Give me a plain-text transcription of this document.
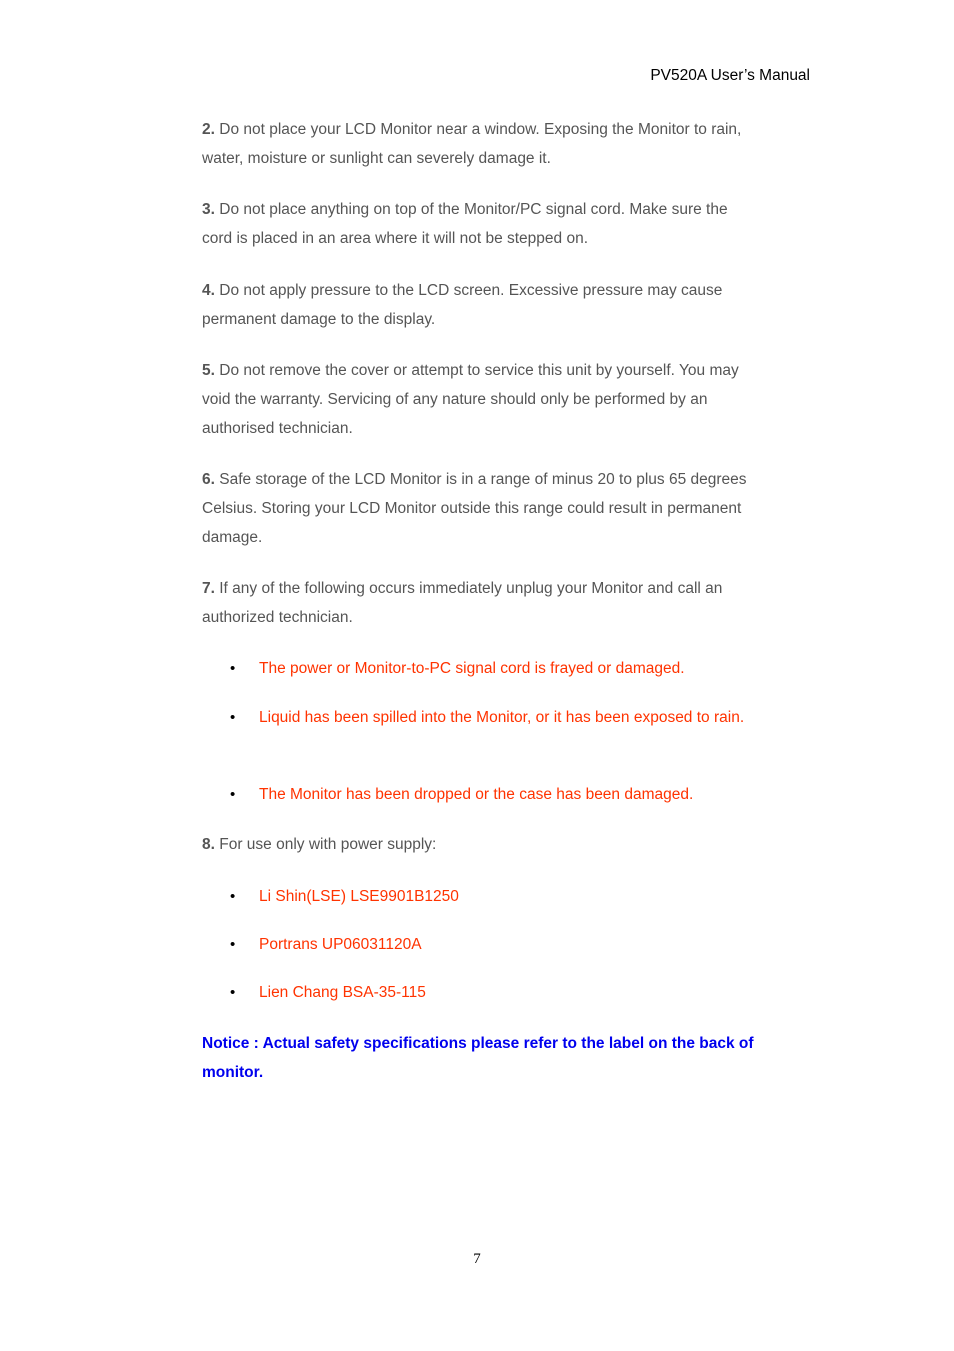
PV520A User’s Manual

2. Do not place your LCD Monitor near a window. Exposing the Monitor to rain, water, moisture or sunlight can severely damage it.

3. Do not place anything on top of the Monitor/PC signal cord. Make sure the cord is placed in an area where it will not be stepped on.

4. Do not apply pressure to the LCD screen. Excessive pressure may cause permanent damage to the display.

5. Do not remove the cover or attempt to service this unit by yourself. You may void the warranty. Servicing of any nature should only be performed by an authorised technician.

6. Safe storage of the LCD Monitor is in a range of minus 20 to plus 65 degrees Celsius. Storing your LCD Monitor outside this range could result in permanent damage.

7. If any of the following occurs immediately unplug your Monitor and call an authorized technician.

• The power or Monitor-to-PC signal cord is frayed or damaged.
• Liquid has been spilled into the Monitor, or it has been exposed to rain.
• The Monitor has been dropped or the case has been damaged.

8. For use only with power supply:

• Li Shin(LSE) LSE9901B1250
• Portrans UP06031120A
• Lien Chang BSA-35-115

Notice : Actual safety specifications please refer to the label on the back of monitor.

7
